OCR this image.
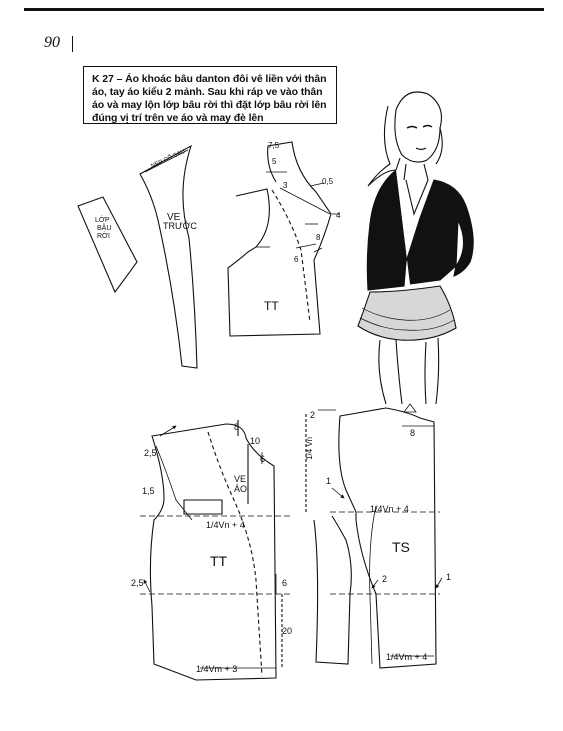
90
K 27 – Áo khoác bâu danton đôi vê liền với thân
áo, tay áo kiểu 2 mảnh. Sau khi ráp ve vào thân
áo và may lộn lớp bâu rời thì đặt lớp bâu rời lên
đúng vị trí trên ve áo và may đè lên
LỚP
BÂU
RỜI
VE
TRƯỚC
NẸP CỔ SAU
TT
7,5
5
3	0,5
4
8
6
TT
VE
ÁO
8
2,5
10
6
1,5
2,5	6
20
1/4Vn + 4
1/4Vm + 3
TS
2
8
1
1
2
1/4 Vn
1/4Vn + 4
1/4Vm + 4
